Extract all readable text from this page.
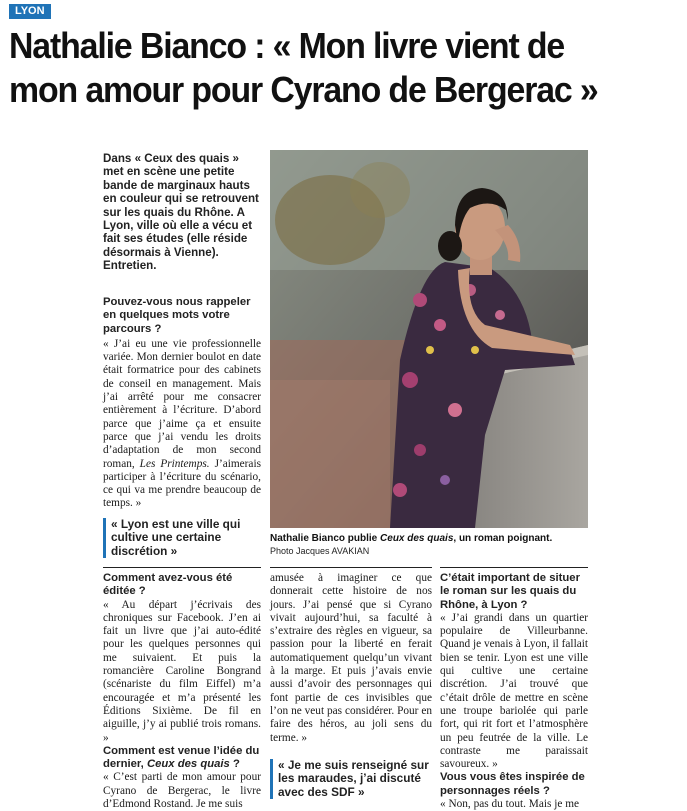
LYON
Nathalie Bianco : « Mon livre vient de
mon amour pour Cyrano de Bergerac »

Dans « Ceux des quais » met en scène une petite bande de marginaux hauts en couleur qui se retrouvent sur les quais du Rhône. A Lyon, ville où elle a vécu et fait ses études (elle réside désormais à Vienne). Entretien.

Pouvez-vous nous rappeler en quelques mots votre parcours ?

« J’ai eu une vie professionnelle variée. Mon dernier boulot en date était formatrice pour des cabinets de conseil en management. Mais j’ai arrêté pour me consacrer entièrement à l’écriture. D’abord parce que j’aime ça et ensuite parce que j’ai vendu les droits d’adaptation de mon second roman, Les Printemps. J’aimerais participer à l’écriture du scénario, ce qui va me prendre beaucoup de temps. »

« Lyon est une ville qui cultive une certaine discrétion »

Nathalie Bianco publie Ceux des quais, un roman poignant.

Photo Jacques AVAKIAN

Comment avez-vous été éditée ?

« Au départ j’écrivais des chroniques sur Facebook. J’en ai fait un livre que j’ai auto-édité pour les quelques personnes qui me suivaient. Et puis la romancière Caroline Bongrand (scénariste du film Eiffel) m’a encouragée et m’a présenté les Éditions Sixième. De fil en aiguille, j’y ai publié trois romans. »

Comment est venue l’idée du dernier, Ceux des quais ?

« C’est parti de mon amour pour Cyrano de Bergerac, le livre d’Edmond Rostand. Je me suis

amusée à imaginer ce que donnerait cette histoire de nos jours. J’ai pensé que si Cyrano vivait aujourd’hui, sa faculté à s’extraire des règles en vigueur, sa passion pour la liberté en ferait automatiquement quelqu’un vivant à la marge. Et puis j’avais envie aussi d’avoir des personnages qui font partie de ces invisibles que l’on ne veut pas considérer. Pour en faire des héros, au joli sens du terme. »

« Je me suis renseigné sur les maraudes, j’ai discuté avec des SDF »

C’était important de situer le roman sur les quais du Rhône, à Lyon ?

« J’ai grandi dans un quartier populaire de Villeurbanne. Quand je venais à Lyon, il fallait bien se tenir. Lyon est une ville qui cultive une certaine discrétion. J’ai trouvé que c’était drôle de mettre en scène une troupe bariolée qui parle fort, qui rit fort et l’atmosphère un peu feutrée de la ville. Le contraste me paraissait savoureux. »

Vous vous êtes inspirée de personnages réels ?

« Non, pas du tout. Mais je me
